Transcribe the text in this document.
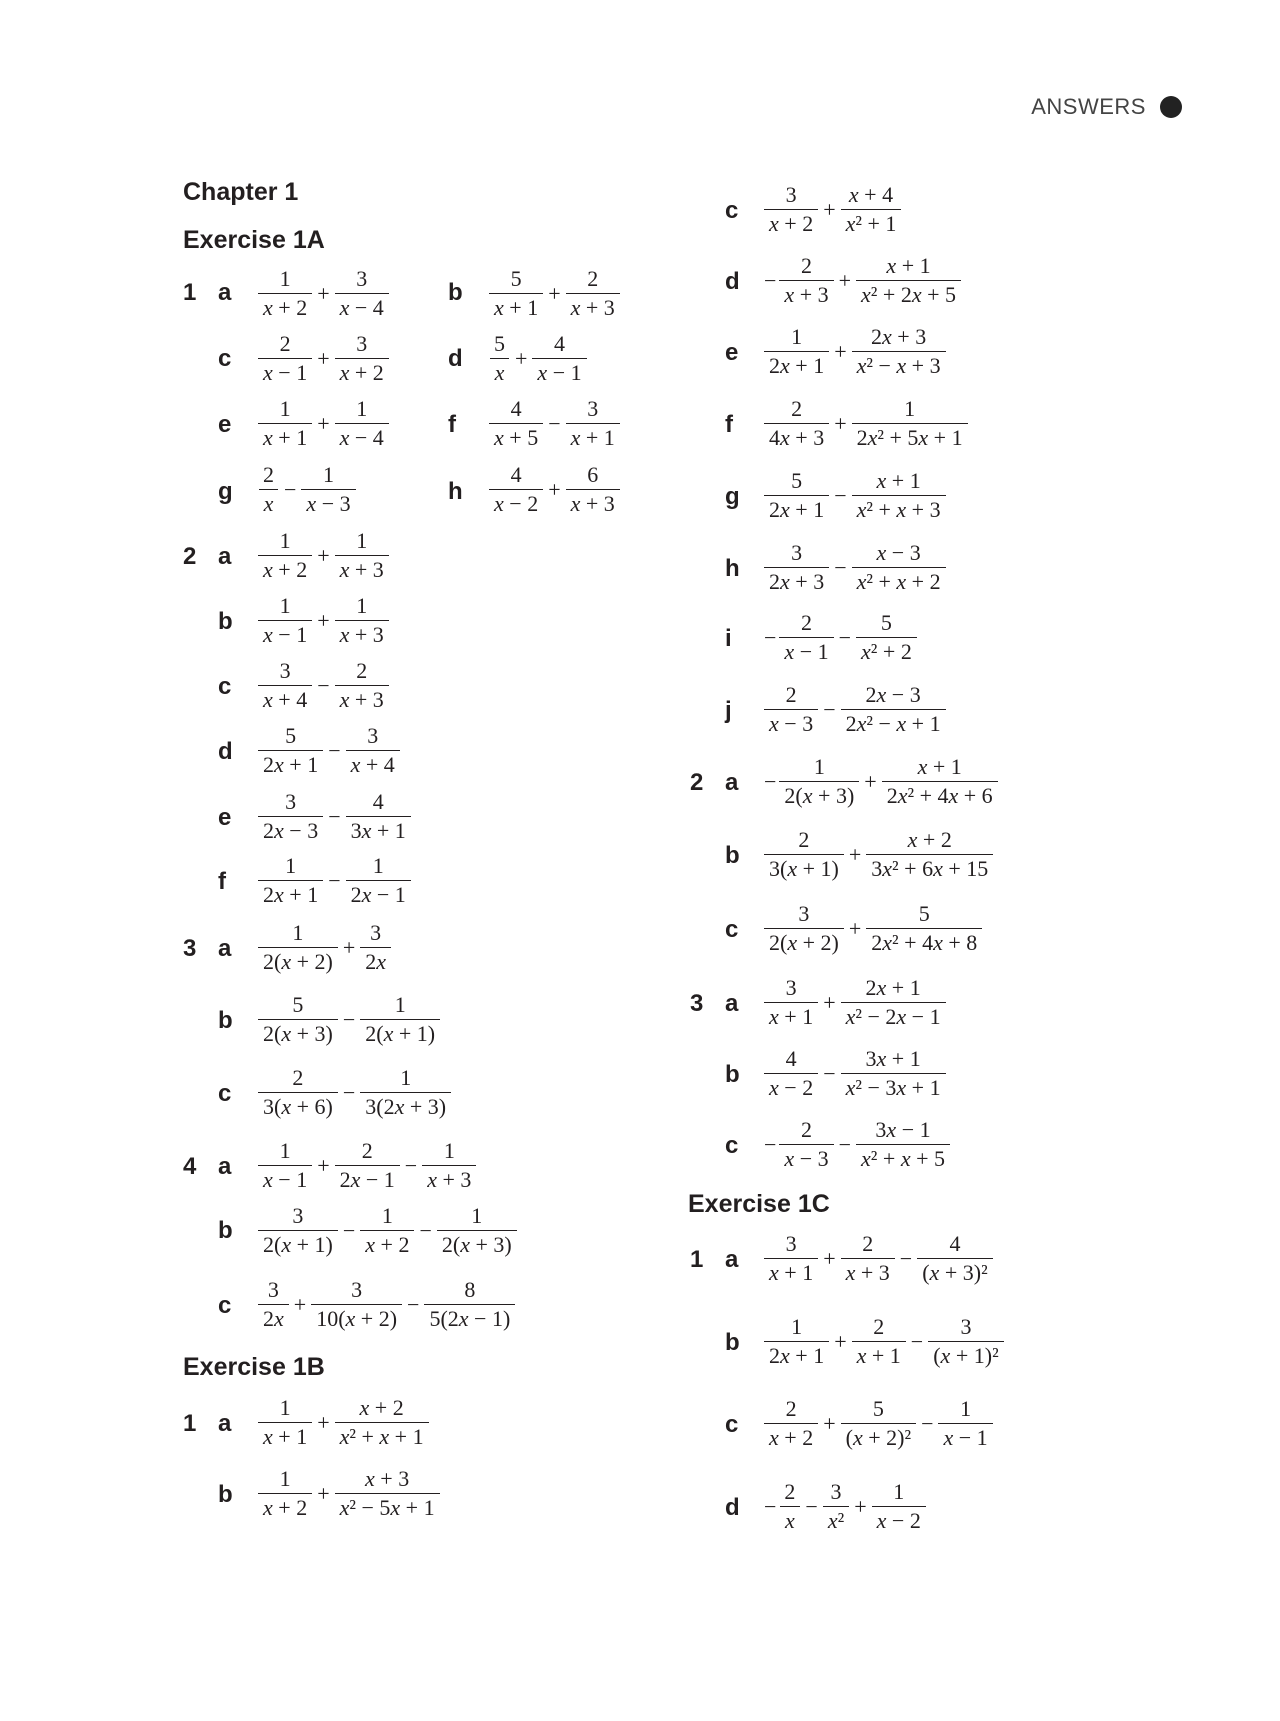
ANSWERS
Chapter 1
Exercise 1A
1 a $\frac{1}{x + 2} + \frac{3}{x - 4}$ b $\frac{5}{x + 1} + \frac{2}{x + 3}$
c $\frac{2}{x - 1} + \frac{3}{x + 2}$ d $\frac{5}{x} + \frac{4}{x - 1}$
e $\frac{1}{x + 1} + \frac{1}{x - 4}$ f $\frac{4}{x + 5} - \frac{3}{x + 1}$
g $\frac{2}{x} - \frac{1}{x - 3}$	h $\frac{4}{x - 2} + \frac{6}{x + 3}$
2 a $\frac{1}{x + 2} + \frac{1}{x + 3}$
b $\frac{1}{x - 1} + \frac{1}{x + 3}$
c $\frac{3}{x + 4} - \frac{2}{x + 3}$
d $\frac{5}{2x + 1} - \frac{3}{x + 4}$
e $\frac{3}{2x - 3} - \frac{4}{3x + 1}$
f $\frac{1}{2x + 1} - \frac{1}{2x - 1}$
3 a $\frac{1}{2(x + 2)} + \frac{3}{2x}$
b $\frac{5}{2(x + 3)} - \frac{1}{2(x + 1)}$
c $\frac{2}{3(x + 6)} - \frac{1}{3(2x + 3)}$
4 a $\frac{1}{x - 1} + \frac{2}{2x - 1} - \frac{1}{x + 3}$
b $\frac{3}{2(x + 1)} - \frac{1}{x + 2} - \frac{1}{2(x + 3)}$
c $\frac{3}{2x} + \frac{3}{10(x + 2)} - \frac{8}{5(2x - 1)}$
Exercise 1B
1 a $\frac{1}{x + 1} + \frac{x + 2}{\text{x² + x + 1}}$
b $\frac{1}{x + 2} + \frac{x + 3}{\text{x² − 5x + 1}}$
c $\frac{3}{x + 2} + \frac{x + 4}{\text{x² + 1}}$
$d - \frac{2}{x + 3} + \frac{x + 1}{\text{x² + 2x + 5}}$
e $\frac{1}{2x + 1} + \frac{2x + 3}{\text{x² − x + 3}}$
f $\frac{2}{4x + 3} + \frac{1}{\text{2x² + 5x + 1}}$
g $\frac{5}{2x + 1} - \frac{x + 1}{\text{x² + x + 3}}$
h $\frac{3}{2x + 3} - \frac{x - 3}{\text{x² + x + 2}}$
$i - \frac{2}{x - 1} - \frac{5}{\text{x² + 2}}$
j $\frac{2}{x - 3} - \frac{2x - 3}{\text{2x² − x + 1}}$
2 $a - \frac{1}{2(x + 3)} + \frac{x + 1}{\text{2x² + 4x + 6}}$
b $\frac{2}{3(x + 1)} + \frac{x + 2}{\text{3x² + 6x + 15}}$
c $\frac{3}{2(x + 2)} + \frac{5}{\text{2x² + 4x + 8}}$
3 a $\frac{3}{x + 1} + \frac{2x + 1}{\text{x² − 2x − 1}}$
b $\frac{4}{x - 2} - \frac{3x + 1}{\text{x² − 3x + 1}}$
$c - \frac{2}{x - 3} - \frac{3x - 1}{\text{x² + x + 5}}$
Exercise 1C
1 a $\frac{3}{x + 1} + \frac{2}{x + 3} - \frac{4}{\text{(x + 3)²}}$
b $\frac{1}{2x + 1} + \frac{2}{x + 1} - \frac{3}{\text{(x + 1)²}}$
c $\frac{2}{x + 2} + \frac{5}{\text{(x + 2)²}} - \frac{1}{x - 1}$
$d - \frac{2}{x} - \frac{3}{\text{x²}} + \frac{1}{x - 2}$
